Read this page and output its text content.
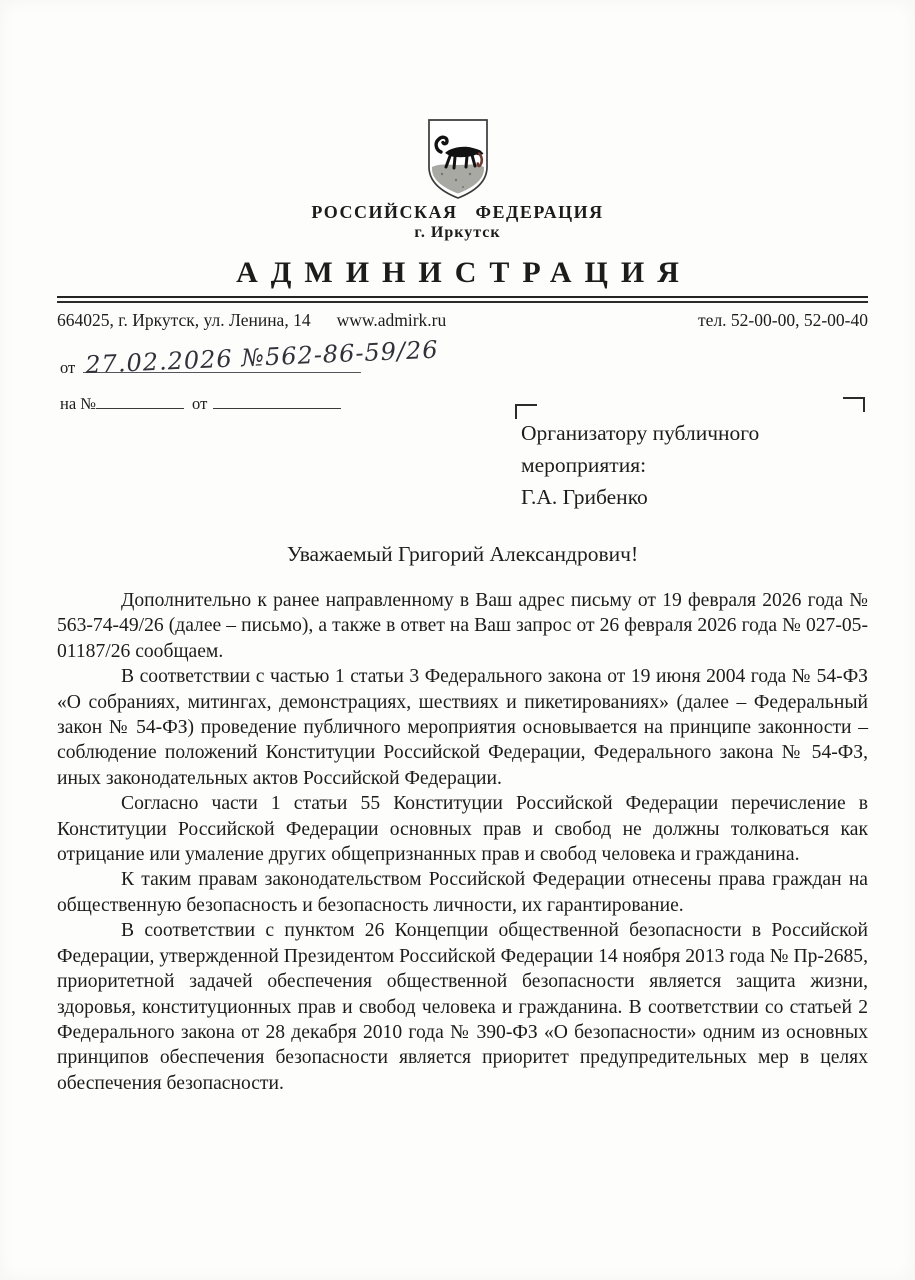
РОССИЙСКАЯ ФЕДЕРАЦИЯ
г. Иркутск
АДМИНИСТРАЦИЯ
664025, г. Иркутск, ул. Ленина, 14 www.admirk.ru	тел. 52-00-00, 52-00-40
от 27.02.2026 №562-86-59/26
на №	от
Организатору публичного
мероприятия:
Г.А. Грибенко
Уважаемый Григорий Александрович!

Дополнительно к ранее направленному в Ваш адрес письму от 19 февраля 2026 года № 563-74-49/26 (далее – письмо), а также в ответ на Ваш запрос от 26 февраля 2026 года № 027-05-01187/26 сообщаем.

В соответствии с частью 1 статьи 3 Федерального закона от 19 июня 2004 года № 54-ФЗ «О собраниях, митингах, демонстрациях, шествиях и пикетированиях» (далее – Федеральный закон № 54-ФЗ) проведение публичного мероприятия основывается на принципе законности – соблюдение положений Конституции Российской Федерации, Федерального закона № 54-ФЗ, иных законодательных актов Российской Федерации.

Согласно части 1 статьи 55 Конституции Российской Федерации перечисление в Конституции Российской Федерации основных прав и свобод не должны толковаться как отрицание или умаление других общепризнанных прав и свобод человека и гражданина.

К таким правам законодательством Российской Федерации отнесены права граждан на общественную безопасность и безопасность личности, их гарантирование.

В соответствии с пунктом 26 Концепции общественной безопасности в Российской Федерации, утвержденной Президентом Российской Федерации 14 ноября 2013 года № Пр-2685, приоритетной задачей обеспечения общественной безопасности является защита жизни, здоровья, конституционных прав и свобод человека и гражданина. В соответствии со статьей 2 Федерального закона от 28 декабря 2010 года № 390-ФЗ «О безопасности» одним из основных принципов обеспечения безопасности является приоритет предупредительных мер в целях обеспечения безопасности.
